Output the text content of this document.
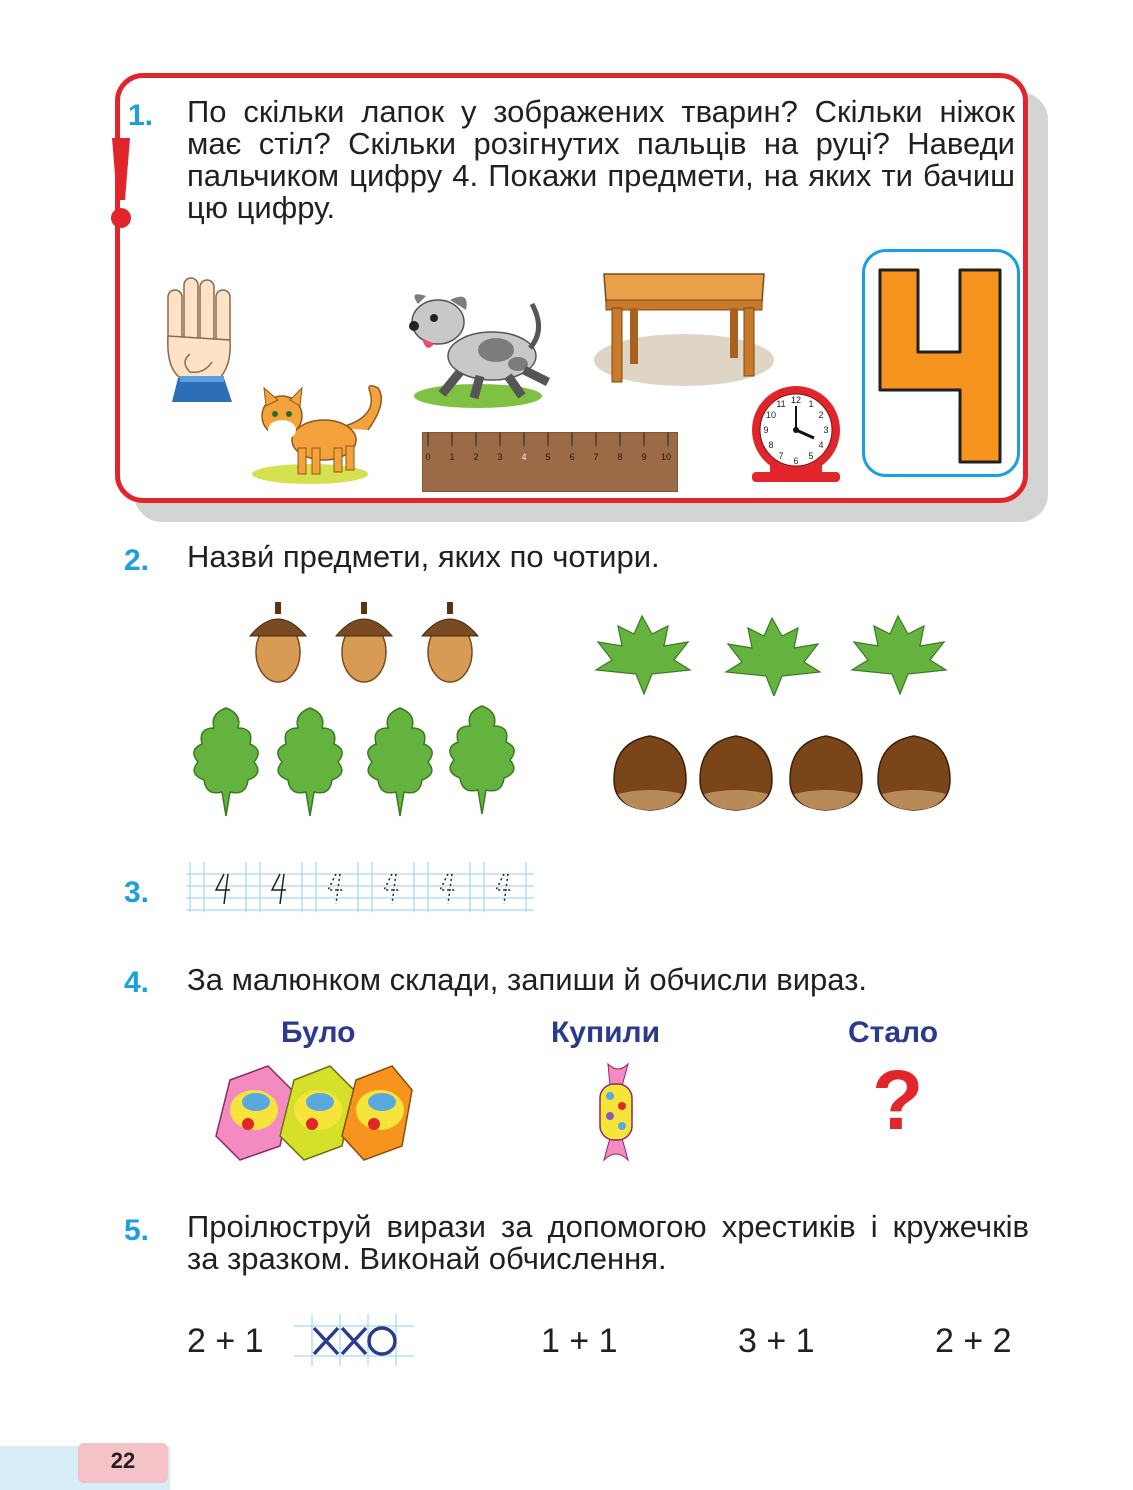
1. По скільки лапок у зображених тварин? Скільки ніжок має стіл? Скільки розігнутих пальців на руці? Наведи пальчиком цифру 4. Покажи предмети, на яких ти бачиш цю цифру.
0 1 2 3 4 5 6 7 8 9 10
12 1
2
3
4
5
6
7
8
9
10
11
2. Назви́ предмети, яких по чотири.
3.
4. За малюнком склади, запиши й обчисли вираз.
Було	Купили	Стало
?
5. Проілюструй вирази за допомогою хрестиків і кружечків за зразком. Виконай обчислення.
2 + 1	1 + 1	3 + 1	2 + 2
22
